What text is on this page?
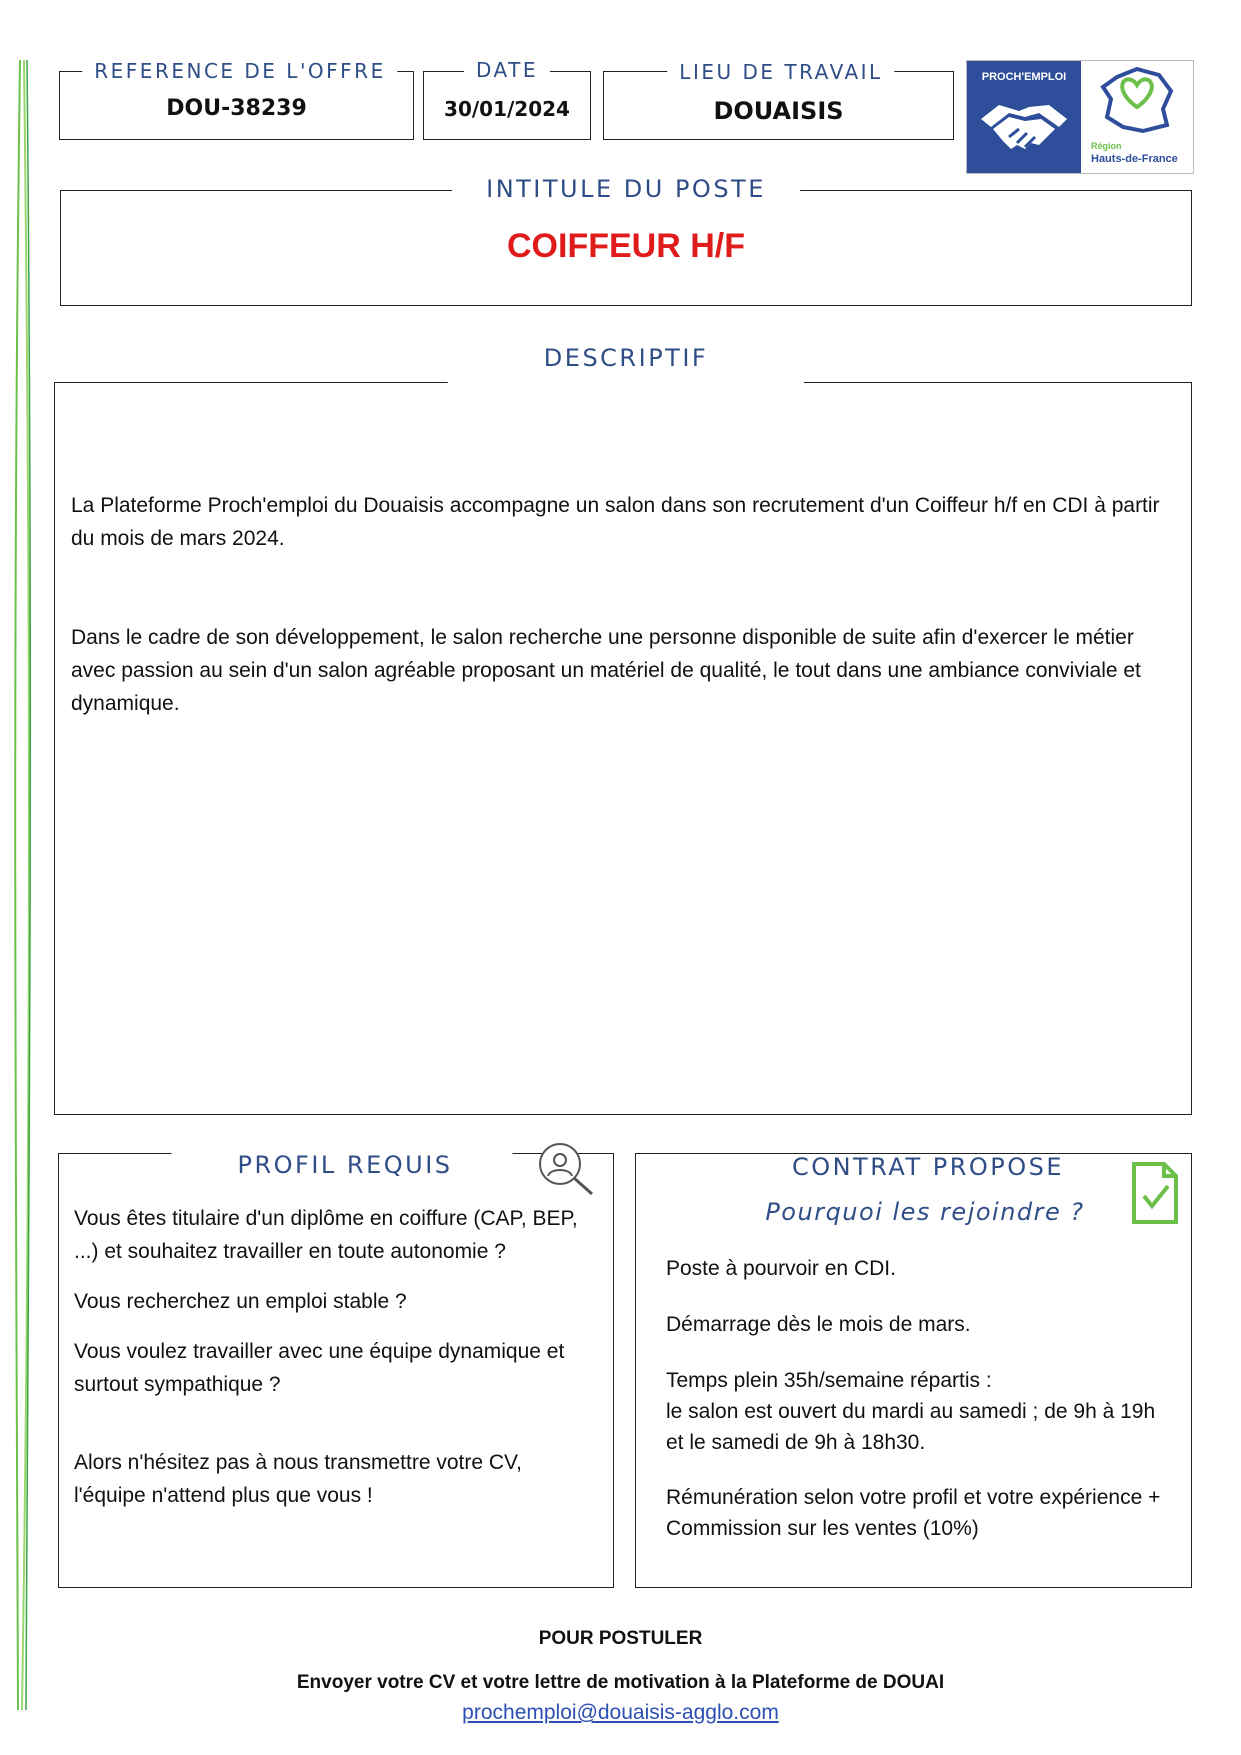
DOU-38239
REFERENCE DE L'OFFRE
30/01/2024
DATE
DOUAISIS
LIEU DE TRAVAIL	PROCH'EMPLOI
Région
Hauts-de-France
COIFFEUR H/F
INTITULE DU POSTE

La Plateforme Proch'emploi du Douaisis accompagne un salon dans son recrutement d'un Coiffeur h/f en CDI à partir du mois de mars 2024.

Dans le cadre de son développement, le salon recherche une personne disponible de suite afin d'exercer le métier avec passion au sein d'un salon agréable proposant un matériel de qualité, le tout dans une ambiance conviviale et dynamique.

DESCRIPTIF

Vous êtes titulaire d'un diplôme en coiffure (CAP, BEP, ...) et souhaitez travailler en toute autonomie ?

Vous recherchez un emploi stable ?

Vous voulez travailler avec une équipe dynamique et surtout sympathique ?

Alors n'hésitez pas à nous transmettre votre CV, l'équipe n'attend plus que vous !

PROFIL REQUIS

Poste à pourvoir en CDI.

Démarrage dès le mois de mars.

Temps plein 35h/semaine répartis :

le salon est ouvert du mardi au samedi ; de 9h à 19h et le samedi de 9h à 18h30.

Rémunération selon votre profil et votre expérience + Commission sur les ventes (10%)

CONTRAT PROPOSE
Pourquoi les rejoindre ?
POUR POSTULER
Envoyer votre CV et votre lettre de motivation à la Plateforme de DOUAI
prochemploi@douaisis-agglo.com
